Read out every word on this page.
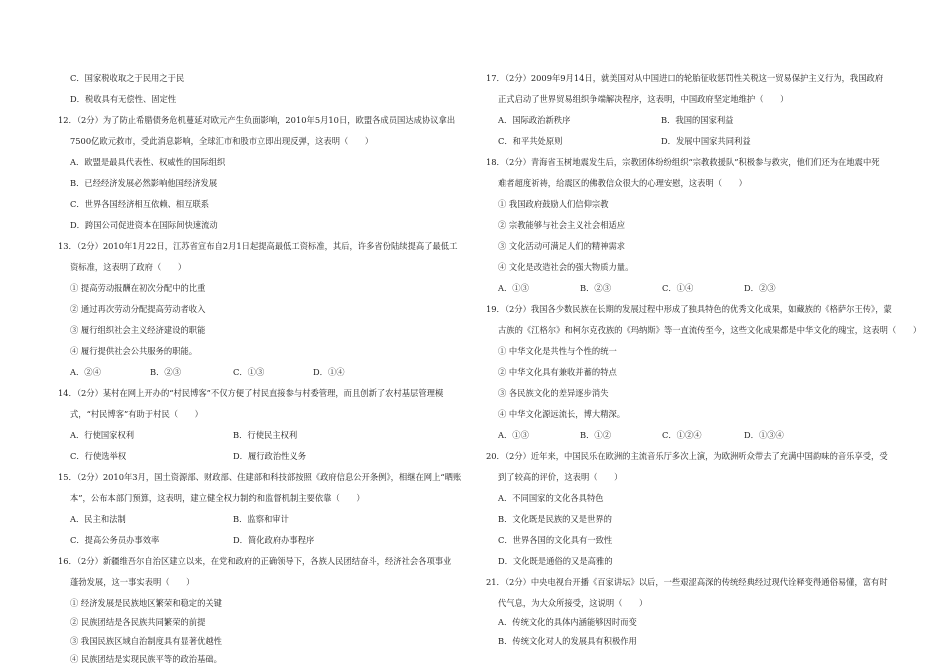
C．国家税收取之于民用之于民
D．税收具有无偿性、固定性
12．（2分）为了防止希腊债务危机蔓延对欧元产生负面影响，2010年5月10日，欧盟各成员国达成协议拿出
7500亿欧元救市，受此消息影响，全球汇市和股市立即出现反弹，这表明（　　）
A．欧盟是最具代表性、权威性的国际组织
B．已经经济发展必然影响他国经济发展
C．世界各国经济相互依赖、相互联系
D．跨国公司促进资本在国际间快速流动
13．（2分）2010年1月22日，江苏省宣布自2月1日起提高最低工资标准，其后，许多省份陆续提高了最低工
资标准，这表明了政府（　　）
① 提高劳动报酬在初次分配中的比重
② 通过再次劳动分配提高劳动者收入
③ 履行组织社会主义经济建设的职能
④ 履行提供社会公共服务的职能。
A．②④	B．②③	C．①③	D．①④
14．（2分）某村在网上开办的“村民博客”不仅方便了村民直接参与村委管理，而且创新了农村基层管理模
式，“村民博客”有助于村民（　　）
A．行使国家权利	B．行使民主权利
C．行使选举权	D．履行政治性义务
15．（2分）2010年3月，国土资源部、财政部、住建部和科技部按照《政府信息公开条例》，相继在网上“晒账
本”，公布本部门预算，这表明，建立健全权力制约和监督机制主要依靠（　　）
A．民主和法制	B．监察和审计
C．提高公务员办事效率	D．简化政府办事程序
16．（2分）新疆维吾尔自治区建立以来，在党和政府的正确领导下，各族人民团结奋斗，经济社会各项事业
蓬勃发展，这一事实表明（　　）
① 经济发展是民族地区繁荣和稳定的关键
② 民族团结是各民族共同繁荣的前提
③ 我国民族区域自治制度具有显著优越性
④ 民族团结是实现民族平等的政治基础。
17．（2分）2009年9月14日，就美国对从中国进口的轮胎征收惩罚性关税这一贸易保护主义行为，我国政府
正式启动了世界贸易组织争端解决程序，这表明，中国政府坚定地维护（　　）
A．国际政治新秩序	B．我国的国家利益
C．和平共处原则	D．发展中国家共同利益
18．（2分）青海省玉树地震发生后，宗教团体纷纷组织“宗教救援队”积极参与救灾，他们们还为在地震中死
难者超度祈祷，给震区的佛教信众很大的心理安慰，这表明（　　）
① 我国政府鼓励人们信仰宗教
② 宗教能够与社会主义社会相适应
③ 文化活动可满足人们的精神需求
④ 文化是改造社会的强大物质力量。
A．①③	B．②③	C．①④	D．②③
19．（2分）我国各少数民族在长期的发展过程中形成了独具特色的优秀文化成果，如藏族的《格萨尔王传》，蒙
古族的《江格尔》和柯尔克孜族的《玛纳斯》等一直流传至今，这些文化成果都是中华文化的瑰宝，这表明（　　）
① 中华文化是共性与个性的统一
② 中华文化具有兼收并蓄的特点
③ 各民族文化的差异逐步消失
④ 中华文化源远流长，博大精深。
A．①③	B．①②	C．①②④	D．①③④
20．（2分）近年来，中国民乐在欧洲的主流音乐厅多次上演，为欧洲听众带去了充满中国韵味的音乐享受，受
到了较高的评价，这表明（　　）
A．不同国家的文化各具特色
B．文化既是民族的又是世界的
C．世界各国的文化具有一致性
D．文化既是通俗的又是高雅的
21．（2分）中央电视台开播《百家讲坛》以后，一些艰涩高深的传统经典经过现代诠释变得通俗易懂，富有时
代气息，为大众所接受，这说明（　　）
A．传统文化的具体内涵能够因时而变
B．传统文化对人的发展具有积极作用
